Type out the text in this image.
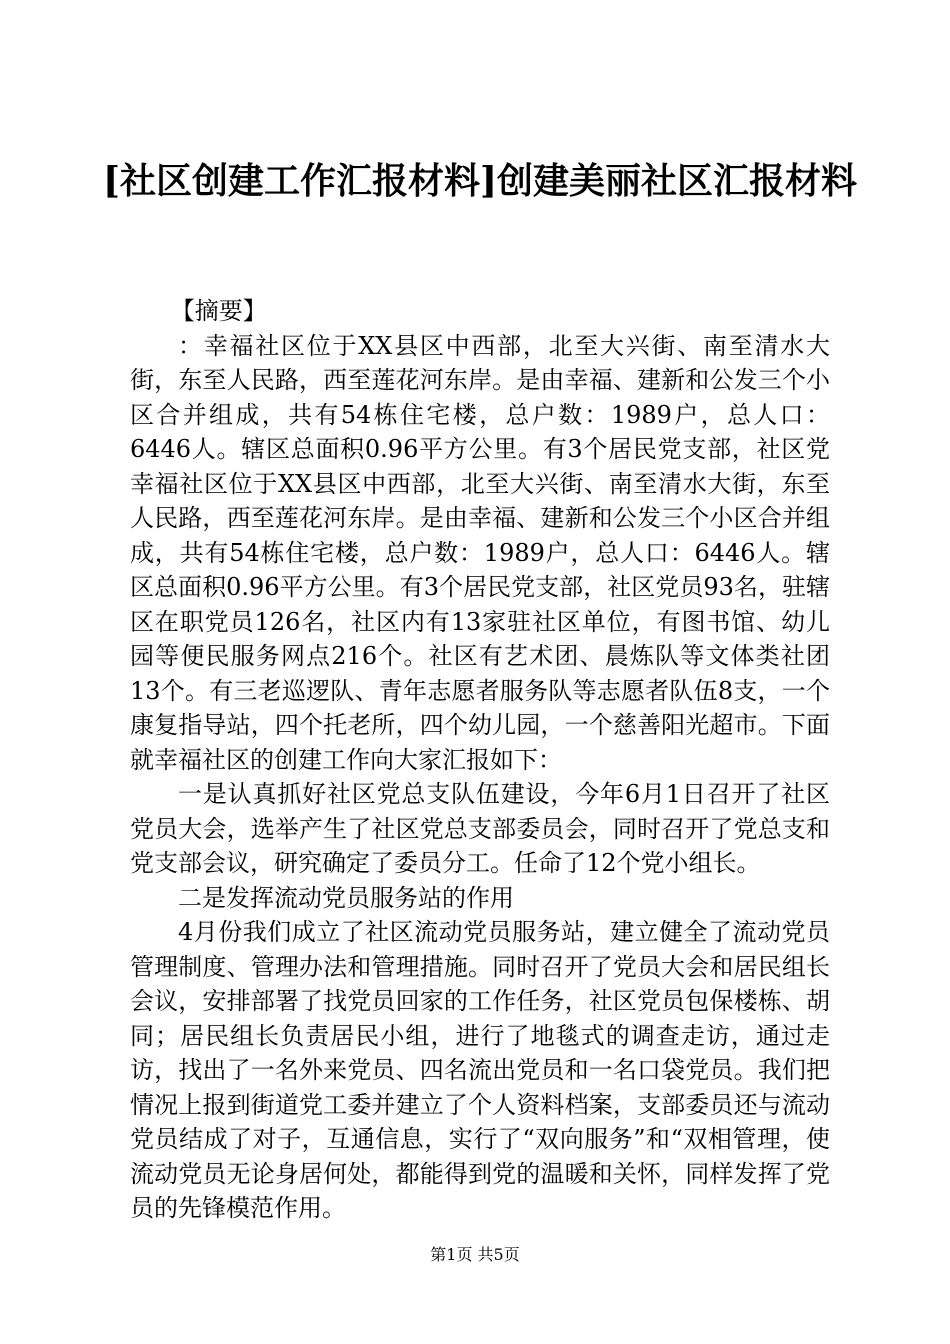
[社区创建工作汇报材料]创建美丽社区汇报材料

【摘要】

：幸福社区位于XX县区中西部，北至大兴街、南至清水大街，东至人民路，西至莲花河东岸。是由幸福、建新和公发三个小区合并组成，共有54栋住宅楼，总户数：1989户，总人口：6446人。辖区总面积0.96平方公里。有3个居民党支部，社区党幸福社区位于XX县区中西部，北至大兴街、南至清水大街，东至人民路，西至莲花河东岸。是由幸福、建新和公发三个小区合并组成，共有54栋住宅楼，总户数：1989户，总人口：6446人。辖区总面积0.96平方公里。有3个居民党支部，社区党员93名，驻辖区在职党员126名，社区内有13家驻社区单位，有图书馆、幼儿园等便民服务网点216个。社区有艺术团、晨炼队等文体类社团13个。有三老巡逻队、青年志愿者服务队等志愿者队伍8支，一个康复指导站，四个托老所，四个幼儿园，一个慈善阳光超市。下面就幸福社区的创建工作向大家汇报如下：

一是认真抓好社区党总支队伍建设，今年6月1日召开了社区党员大会，选举产生了社区党总支部委员会，同时召开了党总支和党支部会议，研究确定了委员分工。任命了12个党小组长。

二是发挥流动党员服务站的作用

4月份我们成立了社区流动党员服务站，建立健全了流动党员管理制度、管理办法和管理措施。同时召开了党员大会和居民组长会议，安排部署了找党员回家的工作任务，社区党员包保楼栋、胡同；居民组长负责居民小组，进行了地毯式的调查走访，通过走访，找出了一名外来党员、四名流出党员和一名口袋党员。我们把情况上报到街道党工委并建立了个人资料档案，支部委员还与流动党员结成了对子，互通信息，实行了“双向服务”和“双相管理，使流动党员无论身居何处，都能得到党的温暖和关怀，同样发挥了党员的先锋模范作用。

第1页 共5页
